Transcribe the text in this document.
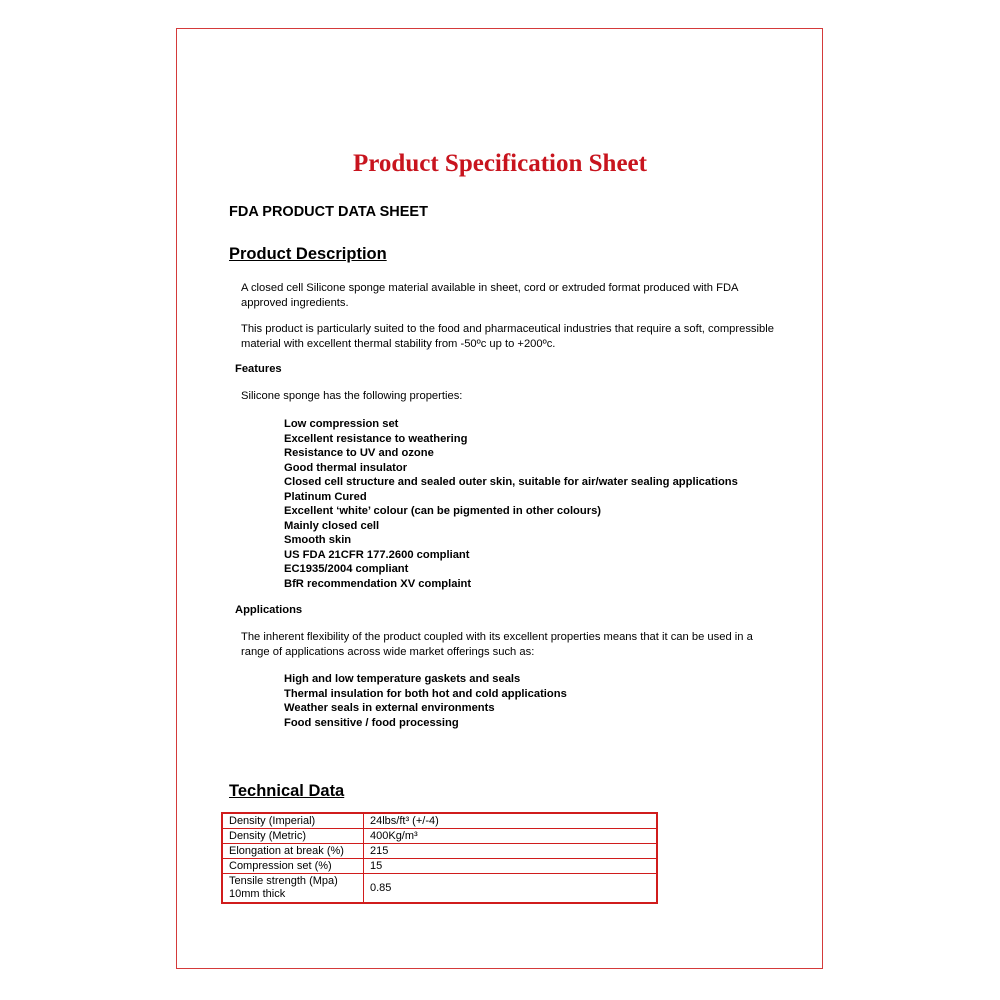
Product Specification Sheet
FDA PRODUCT DATA SHEET
Product Description

A closed cell Silicone sponge material available in sheet, cord or extruded format produced with FDA approved ingredients.

This product is particularly suited to the food and pharmaceutical industries that require a soft, compressible material with excellent thermal stability from -50ºc up to +200ºc.

Features

Silicone sponge has the following properties:

Low compression set
Excellent resistance to weathering
Resistance to UV and ozone
Good thermal insulator
Closed cell structure and sealed outer skin, suitable for air/water sealing applications
Platinum Cured
Excellent ‘white’ colour (can be pigmented in other colours)
Mainly closed cell
Smooth skin
US FDA 21CFR 177.2600 compliant
EC1935/2004 compliant
BfR recommendation XV complaint
Applications

The inherent flexibility of the product coupled with its excellent properties means that it can be used in a range of applications across wide market offerings such as:

High and low temperature gaskets and seals
Thermal insulation for both hot and cold applications
Weather seals in external environments
Food sensitive / food processing
Technical Data
Density (Imperial)	24lbs/ft³ (+/-4)
Density (Metric)	400Kg/m³
Elongation at break (%)	215
Compression set (%)	15
Tensile strength (Mpa) 10mm thick	0.85
